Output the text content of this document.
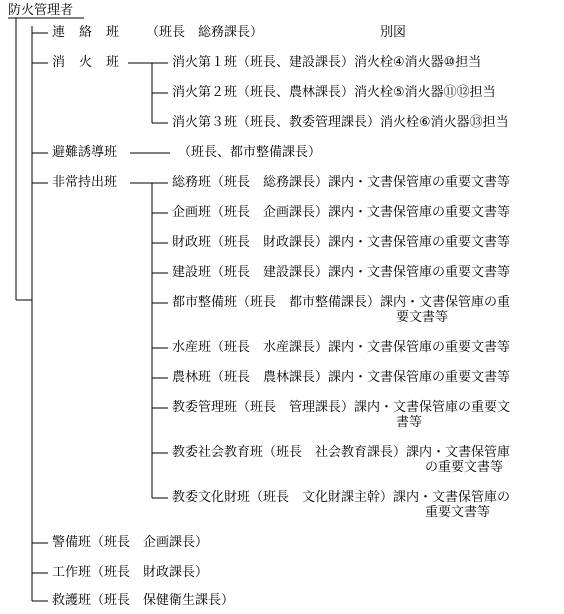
防火管理者
連 絡 班 （班長　総務課長）	別図
消 火 班	消火第１班（班長、建設課長）消火栓④消火器⑩担当
消火第２班（班長、農林課長）消火栓⑤消火器⑪⑫担当
消火第３班（班長、教委管理課長）消火栓⑥消火器⑬担当
避難誘導班	（班長、都市整備課長）
非常持出班	総務班（班長　総務課長）課内・文書保管庫の重要文書等
企画班（班長　企画課長）課内・文書保管庫の重要文書等
財政班（班長　財政課長）課内・文書保管庫の重要文書等
建設班（班長　建設課長）課内・文書保管庫の重要文書等
都市整備班（班長　都市整備課長）課内・文書保管庫の重
要文書等
水産班（班長　水産課長）課内・文書保管庫の重要文書等
農林班（班長　農林課長）課内・文書保管庫の重要文書等
教委管理班（班長　管理課長）課内・文書保管庫の重要文
書等
教委社会教育班（班長　社会教育課長）課内・文書保管庫
の重要文書等
教委文化財班（班長　文化財課主幹）課内・文書保管庫の
重要文書等
警備班（班長　企画課長）
工作班（班長　財政課長）
救護班（班長　保健衛生課長）
